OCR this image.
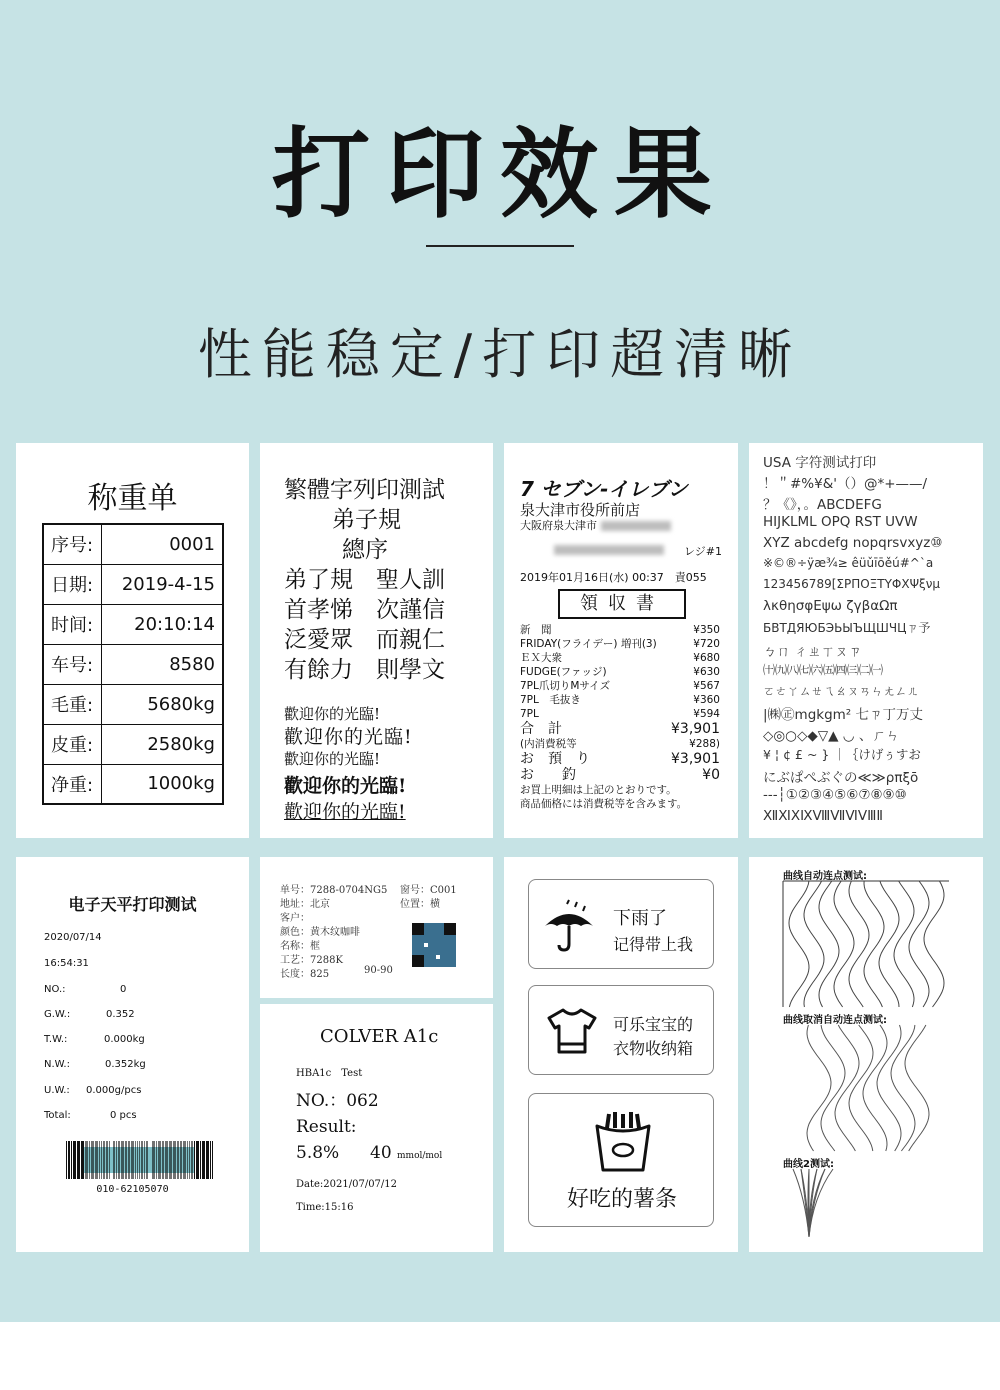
打印效果
性能稳定/打印超清晰
称重单
序号:	0001
日期:	2019-4-15
时间:	20:10:14
车号:	8580
毛重:	5680kg
皮重:	2580kg
净重:	1000kg

繁體字列印測試

弟子規

總序

弟了規　聖人訓

首孝悌　次謹信

泛愛眾　而親仁

有餘力　則學文

歡迎你的光臨!

歡迎你的光臨!

歡迎你的光臨!

歡迎你的光臨!

歡迎你的光臨!

7 セブン-イレブン
泉大津市役所前店
大阪府泉大津市
レジ#1
2019年01月16日(水) 00:37　責055
領収書
新　聞	¥350
FRIDAY(フライデー) 増刊(3)	¥720
ＥＸ大衆	¥680
FUDGE(ファッジ)	¥630
7PL爪切りMサイズ	¥567
7PL　毛抜き	¥360
7PL	¥594
合　計	¥3,901
(内消費税等	¥288)
お　預　り	¥3,901
お　　釣	¥0
お買上明細は上記のとおりです。
商品価格には消費税等を含みます。
USA 字符测试打印
！＂#%¥&'（）@*+——/
？《》，。ABCDEFG
HIJKLML OPQ RST UVW
XYZ abcdefg nopqrsvxyz⑩
※©®÷ÿæ¾≥ êüǔīōěú#^`a
123456789[ΣΡΠΟΞΤΥΦΧΨξνμ
λκθησφΕψω ζγβαΩπ
БВТДЯЮБЭЬЫЪЩШЧЦㄗ予
ㄅㄇ ㄔㄓㄒㄡㄗ
㈩㈨㈧㈦㈥㈤㈣㈢㈡㈠
ㄛㄜㄚㄙㄝㄟㄠㄡㄢㄣㄤㄥㄦ
|㈱㊣mgkgm² 七ㄗ丁万丈
◇◎○◇◆▽▲ ◡ 、ㄏㄣ
¥ ¦ ¢ £ ~ } ｜｛けげぅすお
にぶぱぺぶぐの≪≫ρπξō
---┆①②③④⑤⑥⑦⑧⑨⑩
ⅫⅪⅩⅨⅧⅦⅥⅤⅢⅡ
电子天平打印测试
2020/07/14
16:54:31
NO.:	0
G.W.:	0.352
T.W.:	0.000kg
N.W.:	0.352kg
U.W.: 0.000g/pcs
Total:	0 pcs
010-62105070
单号：7288-0704NG5 窗号：C001
地址：北京	位置：横
客户：
颜色：黄木纹咖啡
名称：框
工艺：7288K
长度：825	90-90
COLVER A1c
HBA1c　Test
NO.：062
Result:
5.8% 40 mmol/mol
Date:2021/07/07/12
Time:15:16
下雨了
记得带上我
可乐宝宝的
衣物收纳箱
好吃的薯条
曲线自动连点测试:
曲线取消自动连点测试:
曲线2测试:
